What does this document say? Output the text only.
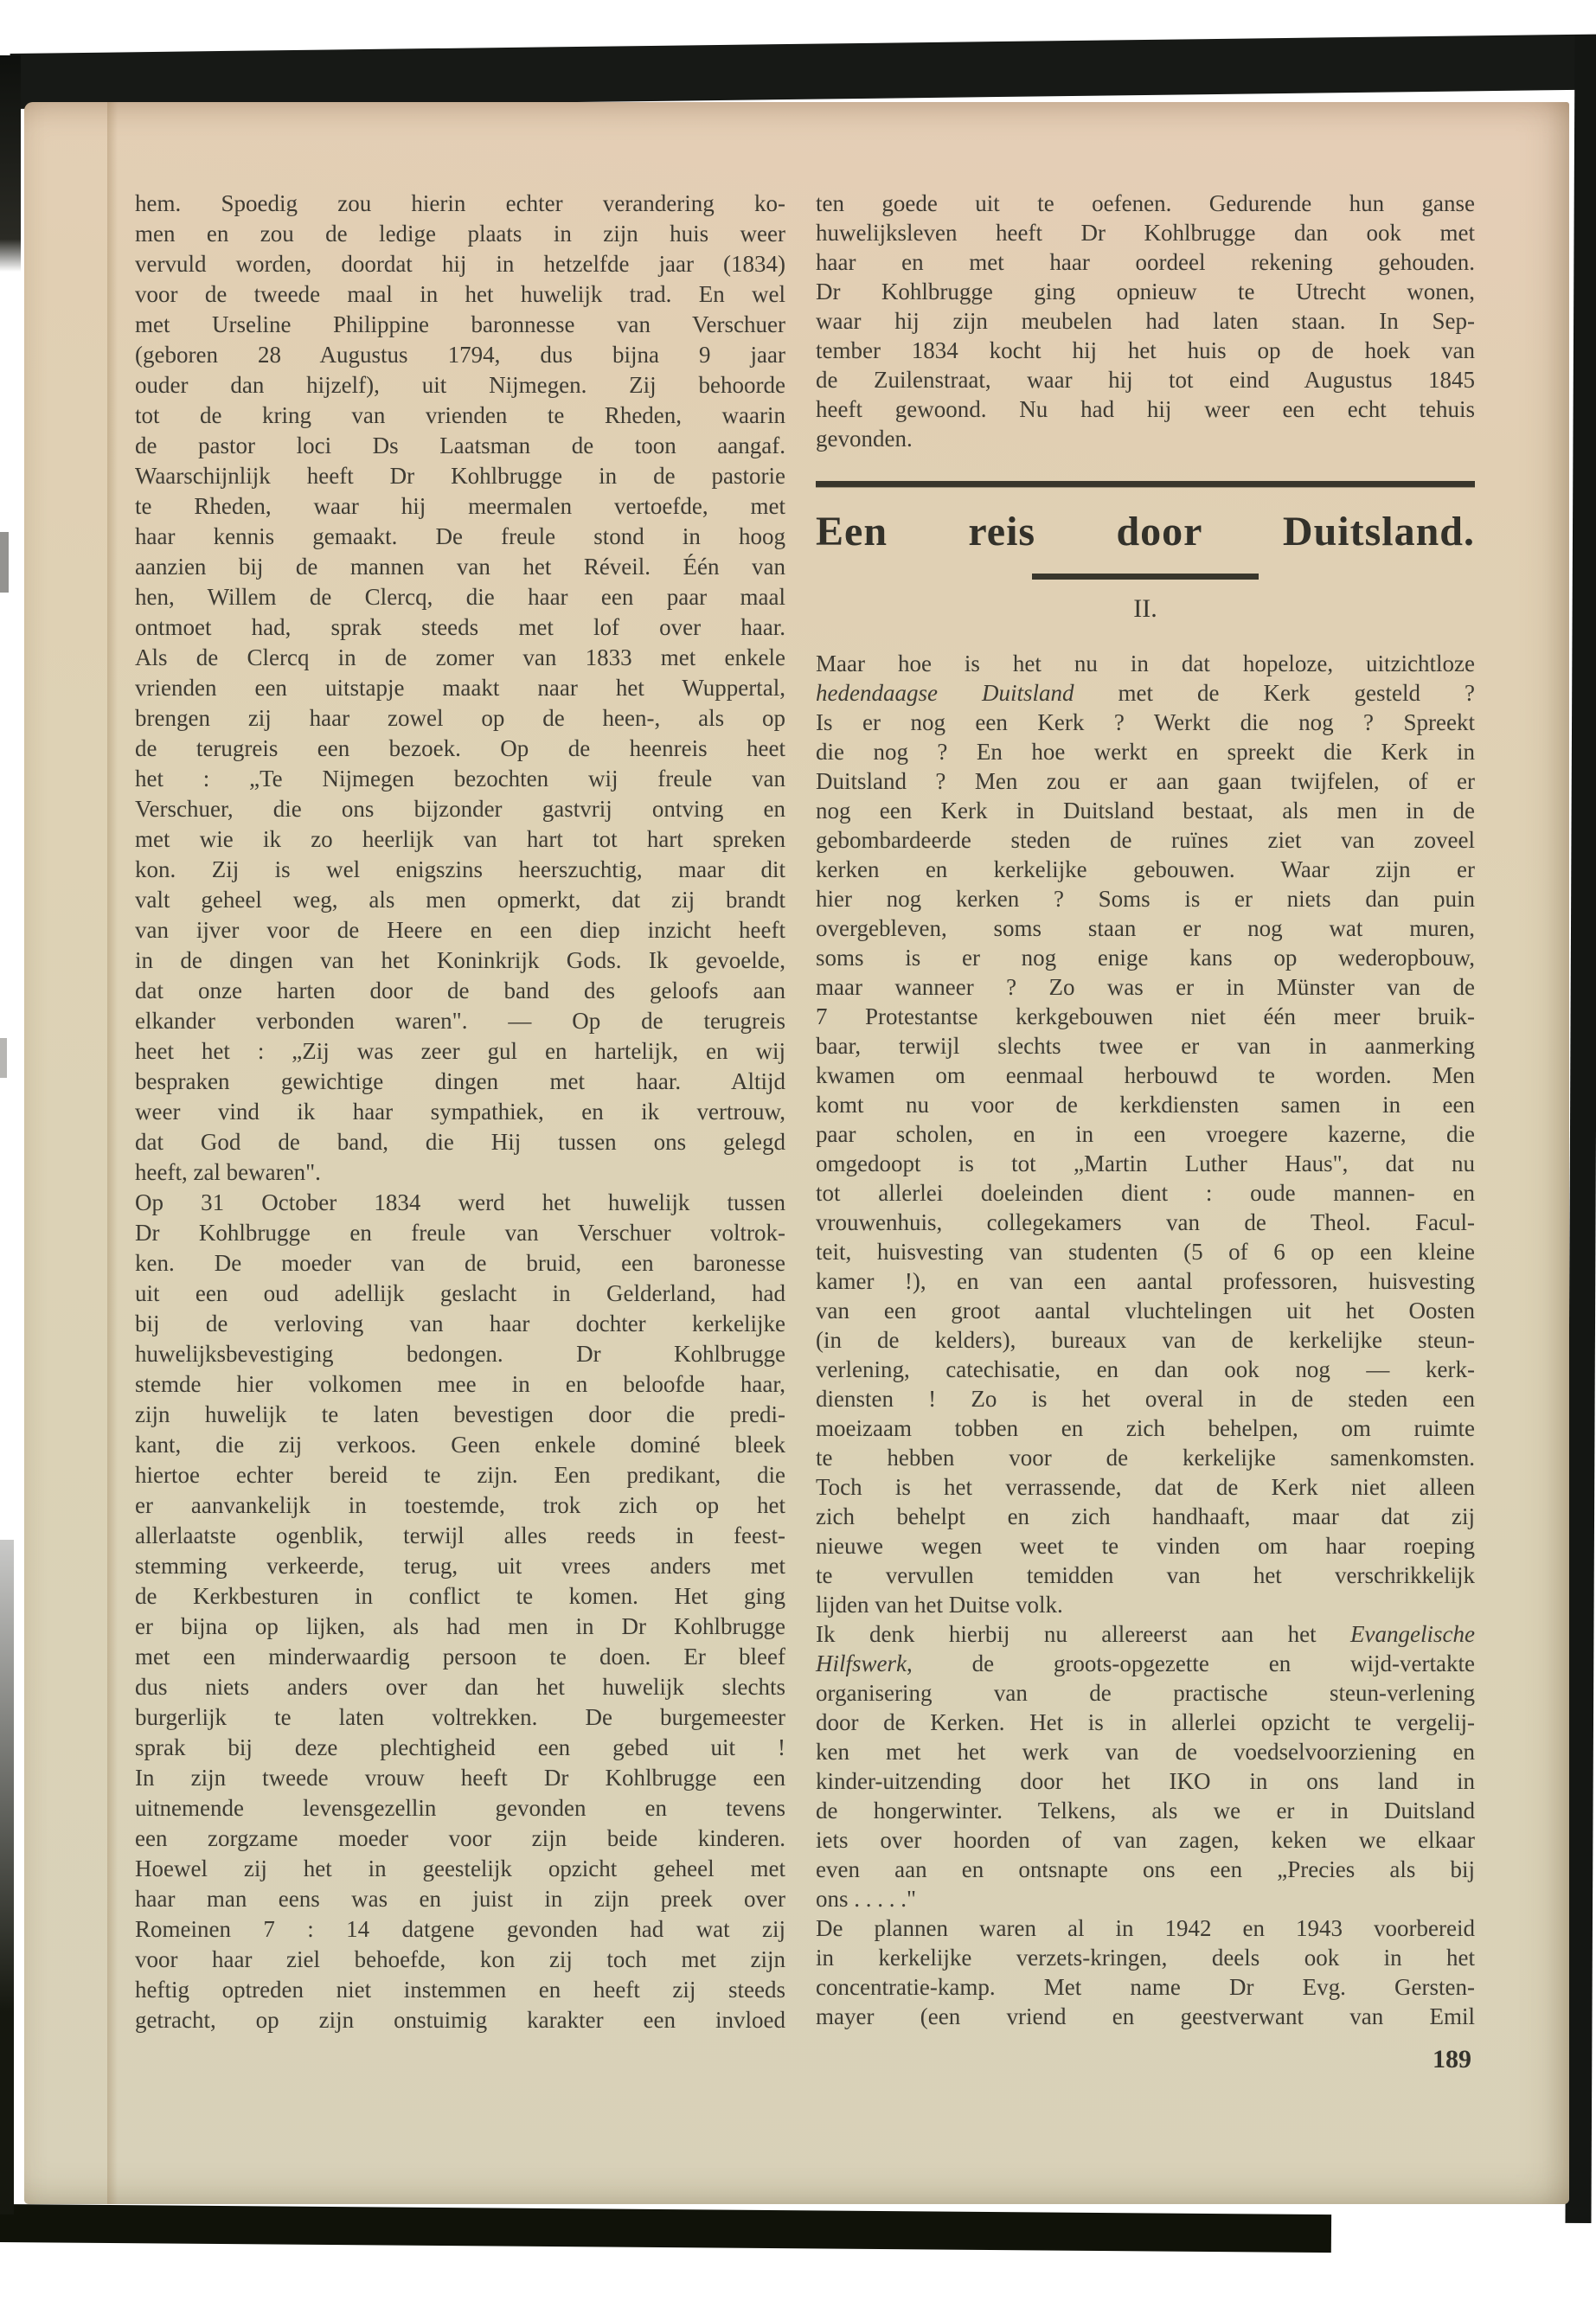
hem. Spoedig zou hierin echter verandering ko-
men en zou de ledige plaats in zijn huis weer
vervuld worden, doordat hij in hetzelfde jaar (1834)
voor de tweede maal in het huwelijk trad. En wel
met Urseline Philippine baronnesse van Verschuer
(geboren 28 Augustus 1794, dus bijna 9 jaar
ouder dan hijzelf), uit Nijmegen. Zij behoorde
tot de kring van vrienden te Rheden, waarin
de pastor loci Ds Laatsman de toon aangaf.
Waarschijnlijk heeft Dr Kohlbrugge in de pastorie
te Rheden, waar hij meermalen vertoefde, met
haar kennis gemaakt. De freule stond in hoog
aanzien bij de mannen van het Réveil. Één van
hen, Willem de Clercq, die haar een paar maal
ontmoet had, sprak steeds met lof over haar.
Als de Clercq in de zomer van 1833 met enkele
vrienden een uitstapje maakt naar het Wuppertal,
brengen zij haar zowel op de heen-, als op
de terugreis een bezoek. Op de heenreis heet
het : „Te Nijmegen bezochten wij freule van
Verschuer, die ons bijzonder gastvrij ontving en
met wie ik zo heerlijk van hart tot hart spreken
kon. Zij is wel enigszins heerszuchtig, maar dit
valt geheel weg, als men opmerkt, dat zij brandt
van ijver voor de Heere en een diep inzicht heeft
in de dingen van het Koninkrijk Gods. Ik gevoelde,
dat onze harten door de band des geloofs aan
elkander verbonden waren". — Op de terugreis
heet het : „Zij was zeer gul en hartelijk, en wij
bespraken gewichtige dingen met haar. Altijd
weer vind ik haar sympathiek, en ik vertrouw,
dat God de band, die Hij tussen ons gelegd
heeft, zal bewaren".
Op 31 October 1834 werd het huwelijk tussen
Dr Kohlbrugge en freule van Verschuer voltrok-
ken. De moeder van de bruid, een baronesse
uit een oud adellijk geslacht in Gelderland, had
bij de verloving van haar dochter kerkelijke
huwelijksbevestiging bedongen. Dr Kohlbrugge
stemde hier volkomen mee in en beloofde haar,
zijn huwelijk te laten bevestigen door die predi-
kant, die zij verkoos. Geen enkele dominé bleek
hiertoe echter bereid te zijn. Een predikant, die
er aanvankelijk in toestemde, trok zich op het
allerlaatste ogenblik, terwijl alles reeds in feest-
stemming verkeerde, terug, uit vrees anders met
de Kerkbesturen in conflict te komen. Het ging
er bijna op lijken, als had men in Dr Kohlbrugge
met een minderwaardig persoon te doen. Er bleef
dus niets anders over dan het huwelijk slechts
burgerlijk te laten voltrekken. De burgemeester
sprak bij deze plechtigheid een gebed uit !
In zijn tweede vrouw heeft Dr Kohlbrugge een
uitnemende levensgezellin gevonden en tevens
een zorgzame moeder voor zijn beide kinderen.
Hoewel zij het in geestelijk opzicht geheel met
haar man eens was en juist in zijn preek over
Romeinen 7 : 14 datgene gevonden had wat zij
voor haar ziel behoefde, kon zij toch met zijn
heftig optreden niet instemmen en heeft zij steeds
getracht, op zijn onstuimig karakter een invloed
ten goede uit te oefenen. Gedurende hun ganse
huwelijksleven heeft Dr Kohlbrugge dan ook met
haar en met haar oordeel rekening gehouden.
Dr Kohlbrugge ging opnieuw te Utrecht wonen,
waar hij zijn meubelen had laten staan. In Sep-
tember 1834 kocht hij het huis op de hoek van
de Zuilenstraat, waar hij tot eind Augustus 1845
heeft gewoond. Nu had hij weer een echt tehuis
gevonden.
Een reis door Duitsland.
II.
Maar hoe is het nu in dat hopeloze, uitzichtloze
hedendaagse Duitsland met de Kerk gesteld ?
Is er nog een Kerk ? Werkt die nog ? Spreekt
die nog ? En hoe werkt en spreekt die Kerk in
Duitsland ? Men zou er aan gaan twijfelen, of er
nog een Kerk in Duitsland bestaat, als men in de
gebombardeerde steden de ruïnes ziet van zoveel
kerken en kerkelijke gebouwen. Waar zijn er
hier nog kerken ? Soms is er niets dan puin
overgebleven, soms staan er nog wat muren,
soms is er nog enige kans op wederopbouw,
maar wanneer ? Zo was er in Münster van de
7 Protestantse kerkgebouwen niet één meer bruik-
baar, terwijl slechts twee er van in aanmerking
kwamen om eenmaal herbouwd te worden. Men
komt nu voor de kerkdiensten samen in een
paar scholen, en in een vroegere kazerne, die
omgedoopt is tot „Martin Luther Haus", dat nu
tot allerlei doeleinden dient : oude mannen- en
vrouwenhuis, collegekamers van de Theol. Facul-
teit, huisvesting van studenten (5 of 6 op een kleine
kamer !), en van een aantal professoren, huisvesting
van een groot aantal vluchtelingen uit het Oosten
(in de kelders), bureaux van de kerkelijke steun-
verlening, catechisatie, en dan ook nog — kerk-
diensten ! Zo is het overal in de steden een
moeizaam tobben en zich behelpen, om ruimte
te hebben voor de kerkelijke samenkomsten.
Toch is het verrassende, dat de Kerk niet alleen
zich behelpt en zich handhaaft, maar dat zij
nieuwe wegen weet te vinden om haar roeping
te vervullen temidden van het verschrikkelijk
lijden van het Duitse volk.
Ik denk hierbij nu allereerst aan het Evangelische
Hilfswerk, de groots-opgezette en wijd-vertakte
organisering van de practische steun-verlening
door de Kerken. Het is in allerlei opzicht te vergelij-
ken met het werk van de voedselvoorziening en
kinder-uitzending door het IKO in ons land in
de hongerwinter. Telkens, als we er in Duitsland
iets over hoorden of van zagen, keken we elkaar
even aan en ontsnapte ons een „Precies als bij
ons . . . . ."
De plannen waren al in 1942 en 1943 voorbereid
in kerkelijke verzets-kringen, deels ook in het
concentratie-kamp. Met name Dr Evg. Gersten-
mayer (een vriend en geestverwant van Emil
189
